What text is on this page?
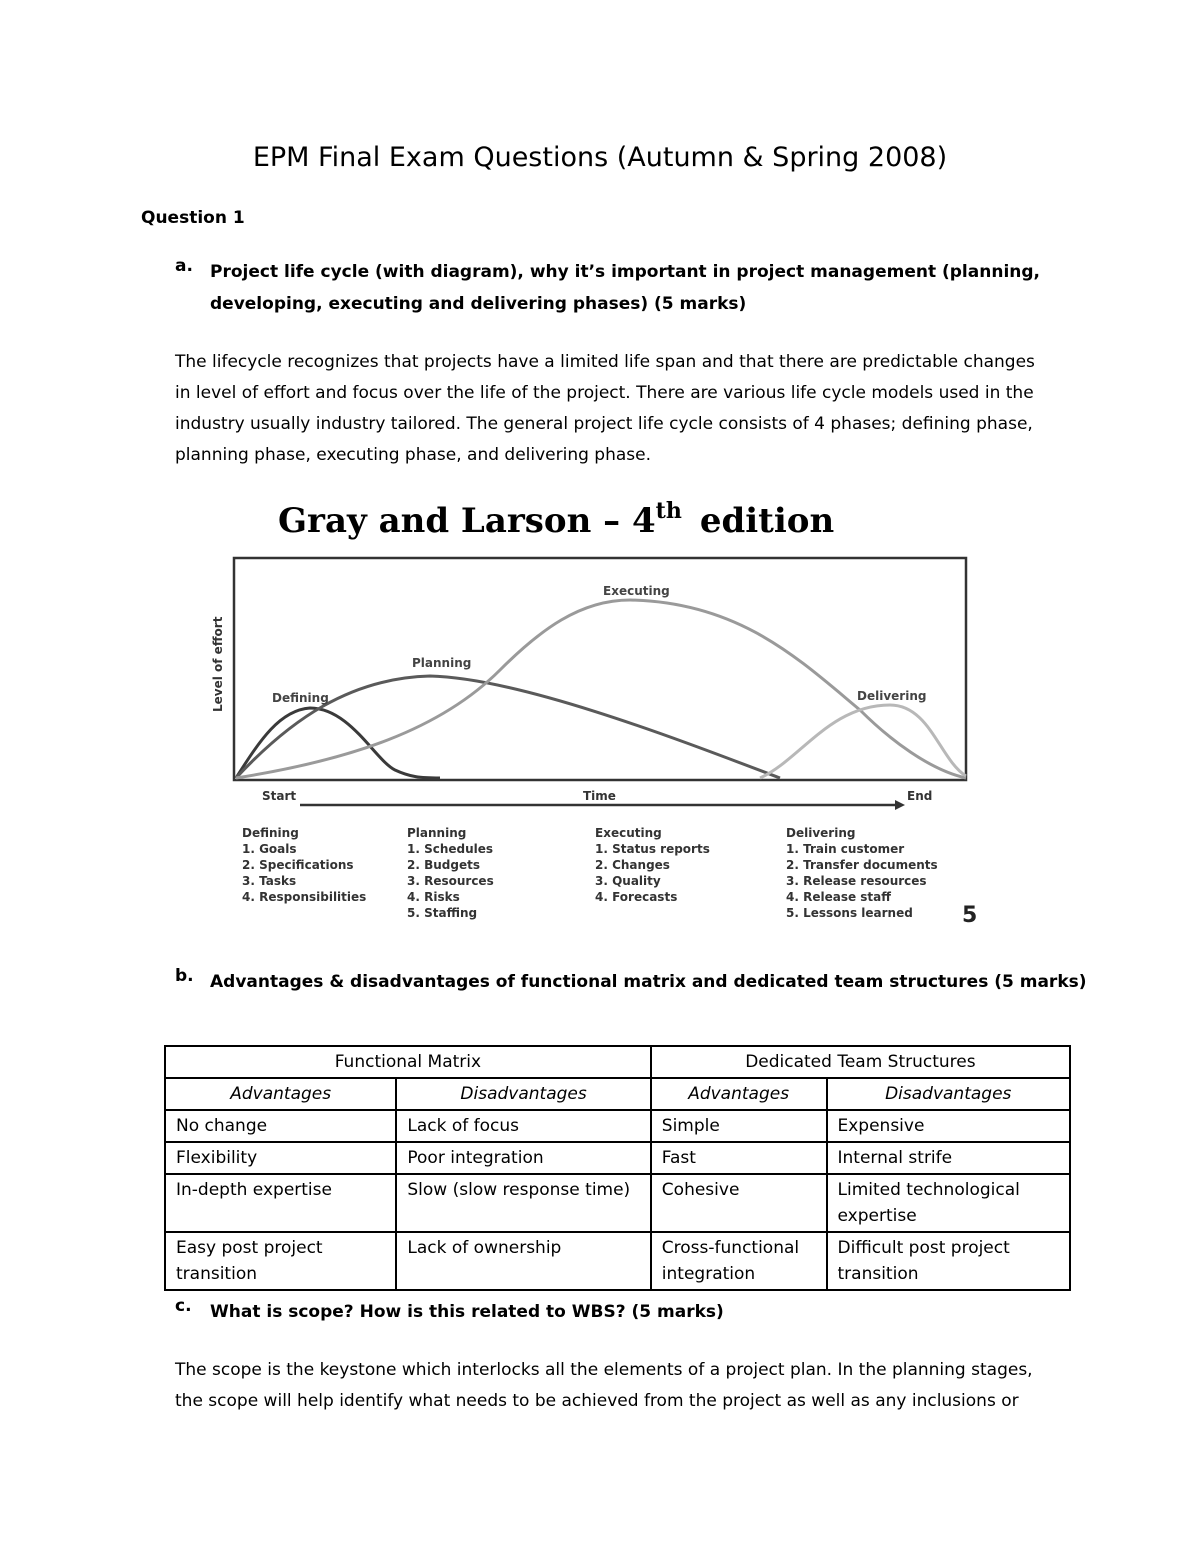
EPM Final Exam Questions (Autumn & Spring 2008)
Question 1
a. Project life cycle (with diagram), why it’s important in project management (planning,
developing, executing and delivering phases) (5 marks)
The lifecycle recognizes that projects have a limited life span and that there are predictable changes
in level of effort and focus over the life of the project. There are various life cycle models used in the
industry usually industry tailored. The general project life cycle consists of 4 phases; defining phase,
planning phase, executing phase, and delivering phase.
Gray and Larson – 4th edition
Level of effort	Defining
Planning
Executing
Delivering
Start	Time	End
Defining
1. Goals
2. Specifications
3. Tasks
4. Responsibilities
Planning
1. Schedules
2. Budgets
3. Resources
4. Risks
5. Staffing
Executing
1. Status reports
2. Changes
3. Quality
4. Forecasts
Delivering
1. Train customer
2. Transfer documents
3. Release resources
4. Release staff
5. Lessons learned 5
b. Advantages & disadvantages of functional matrix and dedicated team structures (5 marks)
Functional Matrix		Dedicated Team Structures	
Advantages	Disadvantages	Advantages	Disadvantages
No change	Lack of focus	Simple	Expensive
Flexibility	Poor integration	Fast	Internal strife
In-depth expertise	Slow (slow response time)	Cohesive	Limited technological expertise
Easy post project transition	Lack of ownership	Cross-functional integration	Difficult post project transition
c. What is scope? How is this related to WBS? (5 marks)
The scope is the keystone which interlocks all the elements of a project plan. In the planning stages,
the scope will help identify what needs to be achieved from the project as well as any inclusions or
